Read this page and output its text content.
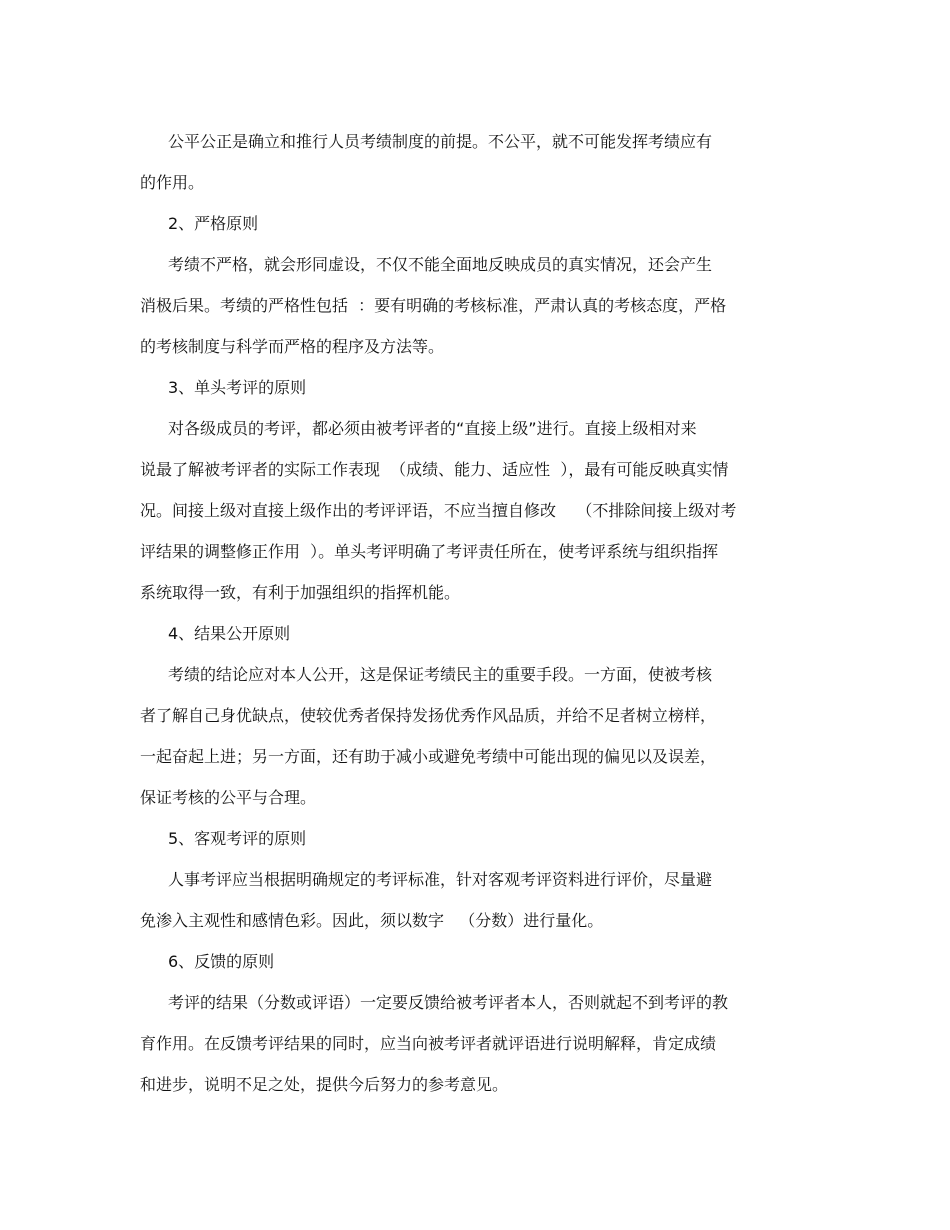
公平公正是确立和推行人员考绩制度的前提。不公平，就不可能发挥考绩应有
的作用。
2、严格原则
考绩不严格，就会形同虚设，不仅不能全面地反映成员的真实情况，还会产生
消极后果。考绩的严格性包括  ：要有明确的考核标准，严肃认真的考核态度，严格
的考核制度与科学而严格的程序及方法等。
3、单头考评的原则
对各级成员的考评，都必须由被考评者的“直接上级”进行。直接上级相对来
说最了解被考评者的实际工作表现  （成绩、能力、适应性  ），最有可能反映真实情
况。间接上级对直接上级作出的考评评语，不应当擅自修改    （不排除间接上级对考
评结果的调整修正作用  ）。单头考评明确了考评责任所在，使考评系统与组织指挥
系统取得一致，有利于加强组织的指挥机能。
4、结果公开原则
考绩的结论应对本人公开，这是保证考绩民主的重要手段。一方面，使被考核
者了解自己身优缺点，使较优秀者保持发扬优秀作风品质，并给不足者树立榜样，
一起奋起上进；另一方面，还有助于减小或避免考绩中可能出现的偏见以及误差，
保证考核的公平与合理。
5、客观考评的原则
人事考评应当根据明确规定的考评标准，针对客观考评资料进行评价，尽量避
免渗入主观性和感情色彩。因此，须以数字   （分数）进行量化。
6、反馈的原则
考评的结果（分数或评语）一定要反馈给被考评者本人，否则就起不到考评的教
育作用。在反馈考评结果的同时，应当向被考评者就评语进行说明解释，肯定成绩
和进步，说明不足之处，提供今后努力的参考意见。
